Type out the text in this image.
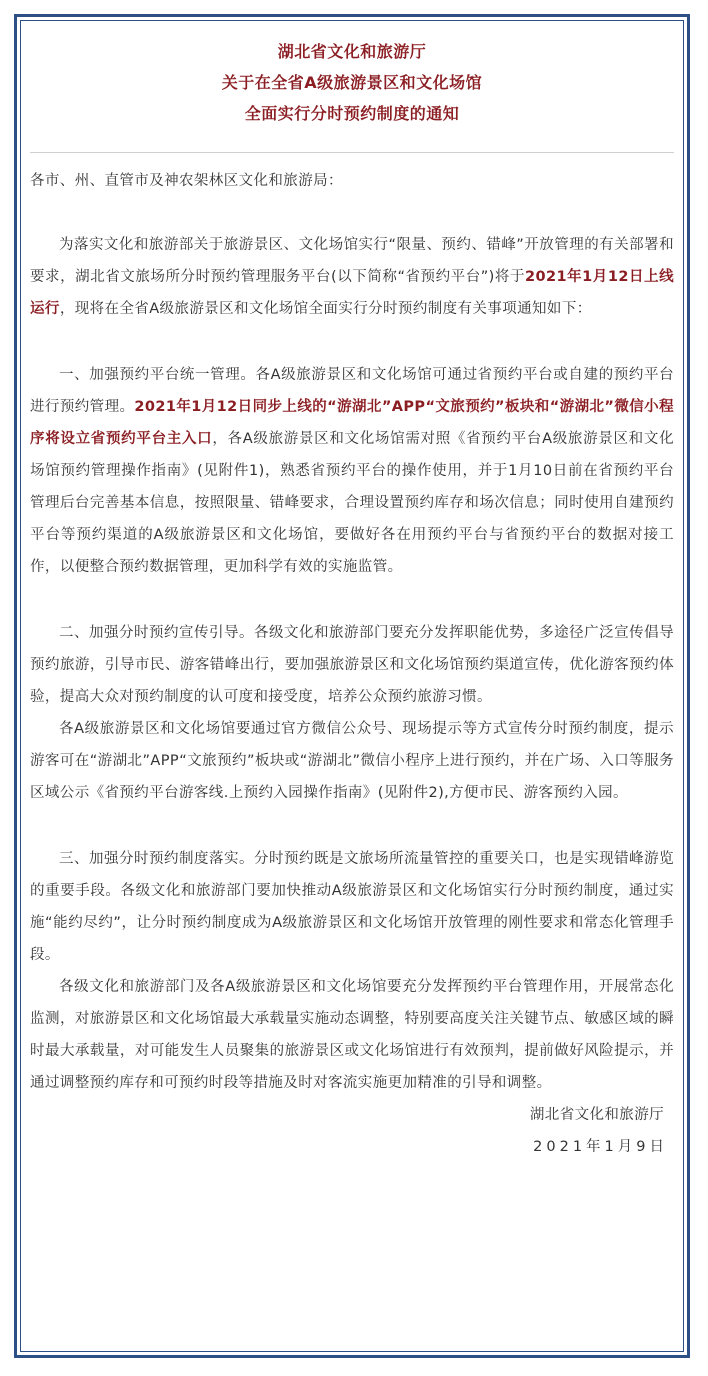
湖北省文化和旅游厅
关于在全省A级旅游景区和文化场馆
全面实行分时预约制度的通知
各市、州、直管市及神农架林区文化和旅游局：

为落实文化和旅游部关于旅游景区、文化场馆实行“限量、预约、错峰”开放管理的有关部署和要求，湖北省文旅场所分时预约管理服务平台(以下简称“省预约平台”)将于2021年1月12日上线运行，现将在全省A级旅游景区和文化场馆全面实行分时预约制度有关事项通知如下：

一、加强预约平台统一管理。各A级旅游景区和文化场馆可通过省预约平台或自建的预约平台进行预约管理。2021年1月12日同步上线的“游湖北”APP“文旅预约”板块和“游湖北”微信小程序将设立省预约平台主入口，各A级旅游景区和文化场馆需对照《省预约平台A级旅游景区和文化场馆预约管理操作指南》(见附件1)，熟悉省预约平台的操作使用，并于1月10日前在省预约平台管理后台完善基本信息，按照限量、错峰要求，合理设置预约库存和场次信息；同时使用自建预约平台等预约渠道的A级旅游景区和文化场馆，要做好各在用预约平台与省预约平台的数据对接工作，以便整合预约数据管理，更加科学有效的实施监管。

二、加强分时预约宣传引导。各级文化和旅游部门要充分发挥职能优势，多途径广泛宣传倡导预约旅游，引导市民、游客错峰出行，要加强旅游景区和文化场馆预约渠道宣传，优化游客预约体验，提高大众对预约制度的认可度和接受度，培养公众预约旅游习惯。

各A级旅游景区和文化场馆要通过官方微信公众号、现场提示等方式宣传分时预约制度，提示游客可在“游湖北”APP“文旅预约”板块或“游湖北”微信小程序上进行预约，并在广场、入口等服务区域公示《省预约平台游客线.上预约入园操作指南》(见附件2),方便市民、游客预约入园。

三、加强分时预约制度落实。分时预约既是文旅场所流量管控的重要关口，也是实现错峰游览的重要手段。各级文化和旅游部门要加快推动A级旅游景区和文化场馆实行分时预约制度，通过实施“能约尽约”，让分时预约制度成为A级旅游景区和文化场馆开放管理的刚性要求和常态化管理手段。

各级文化和旅游部门及各A级旅游景区和文化场馆要充分发挥预约平台管理作用，开展常态化监测，对旅游景区和文化场馆最大承载量实施动态调整，特别要高度关注关键节点、敏感区域的瞬时最大承载量，对可能发生人员聚集的旅游景区或文化场馆进行有效预判，提前做好风险提示，并通过调整预约库存和可预约时段等措施及时对客流实施更加精准的引导和调整。

湖北省文化和旅游厅
2021年1月9日
